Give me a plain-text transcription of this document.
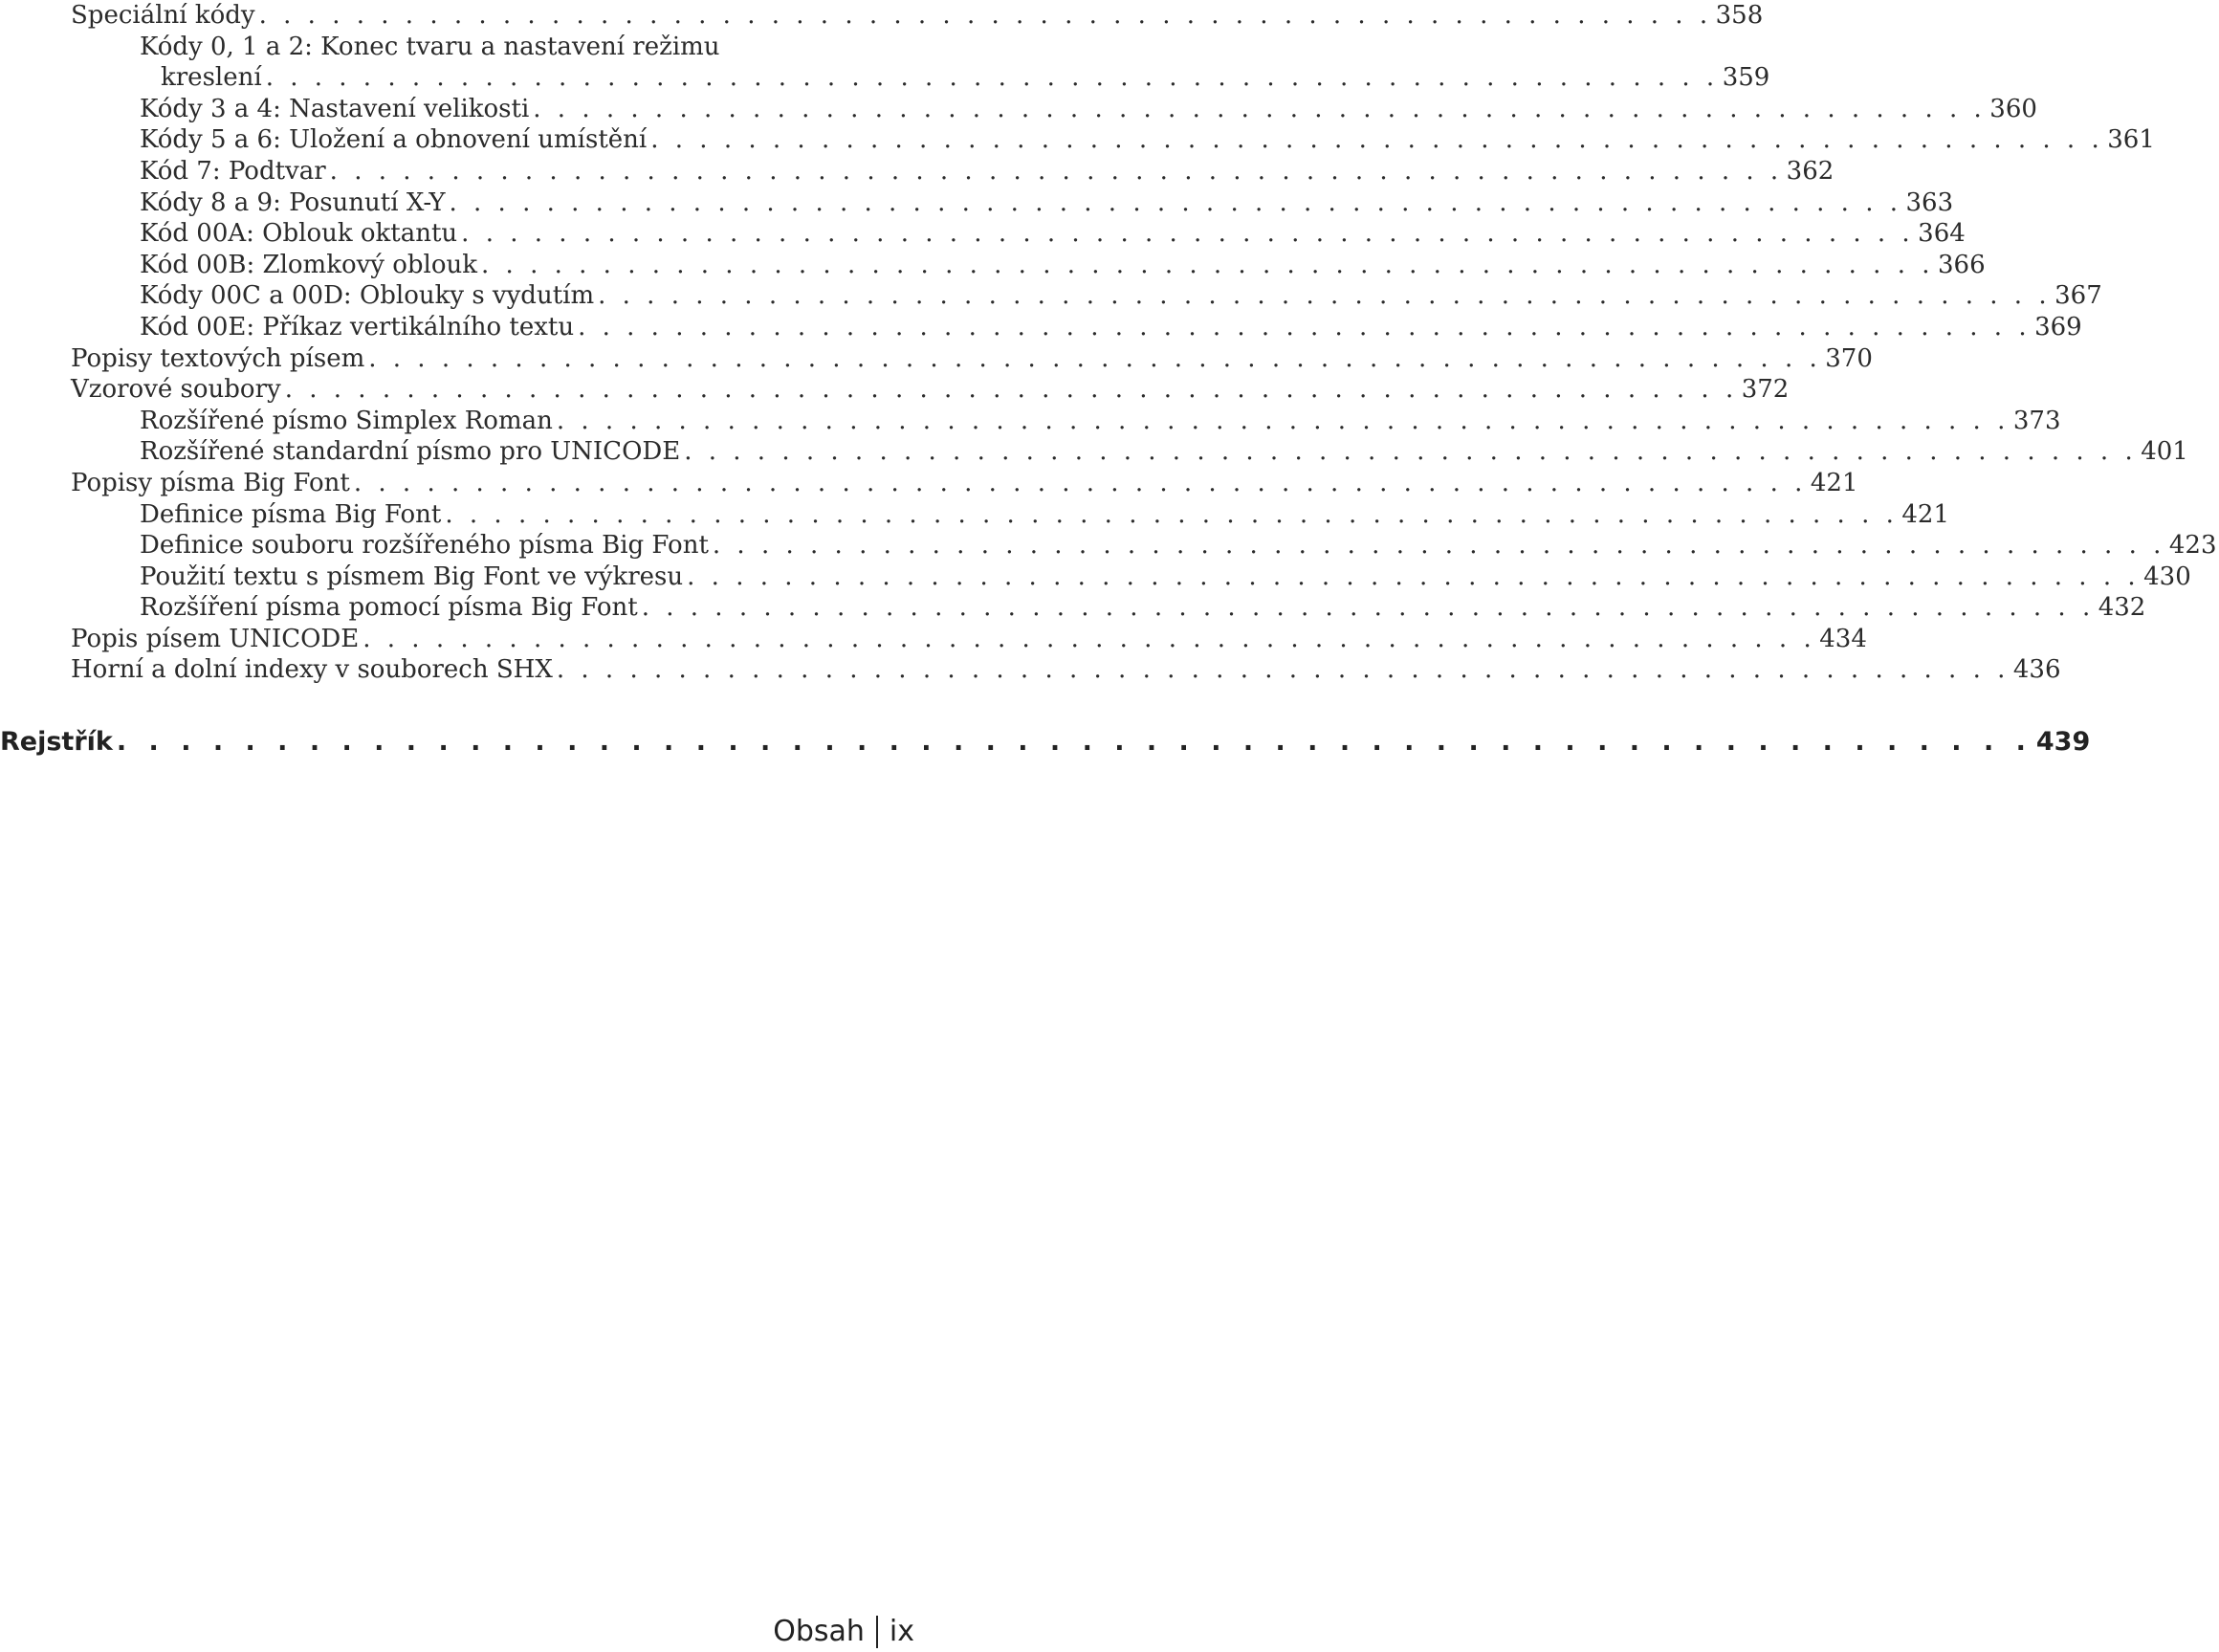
Speciální kódy . . . . . . . . . . . . . . . . . . . . . . . . . . . . . . . . . . . . . . . . . . . . . . . . . . . . . . . . . . . . 358
Kódy 0, 1 a 2: Konec tvaru a nastavení režimu
kreslení . . . . . . . . . . . . . . . . . . . . . . . . . . . . . . . . . . . . . . . . . . . . . . . . . . . . . . . . . . . . 359
Kódy 3 a 4: Nastavení velikosti . . . . . . . . . . . . . . . . . . . . . . . . . . . . . . . . . . . . . . . . . . . . . . . . . . . . . . . . . . . . 360
Kódy 5 a 6: Uložení a obnovení umístění . . . . . . . . . . . . . . . . . . . . . . . . . . . . . . . . . . . . . . . . . . . . . . . . . . . . . . . . . . . . 361
Kód 7: Podtvar . . . . . . . . . . . . . . . . . . . . . . . . . . . . . . . . . . . . . . . . . . . . . . . . . . . . . . . . . . . . 362
Kódy 8 a 9: Posunutí X-Y . . . . . . . . . . . . . . . . . . . . . . . . . . . . . . . . . . . . . . . . . . . . . . . . . . . . . . . . . . . . 363
Kód 00A: Oblouk oktantu . . . . . . . . . . . . . . . . . . . . . . . . . . . . . . . . . . . . . . . . . . . . . . . . . . . . . . . . . . . . 364
Kód 00B: Zlomkový oblouk . . . . . . . . . . . . . . . . . . . . . . . . . . . . . . . . . . . . . . . . . . . . . . . . . . . . . . . . . . . . 366
Kódy 00C a 00D: Oblouky s vydutím . . . . . . . . . . . . . . . . . . . . . . . . . . . . . . . . . . . . . . . . . . . . . . . . . . . . . . . . . . . . 367
Kód 00E: Příkaz vertikálního textu . . . . . . . . . . . . . . . . . . . . . . . . . . . . . . . . . . . . . . . . . . . . . . . . . . . . . . . . . . . . 369
Popisy textových písem . . . . . . . . . . . . . . . . . . . . . . . . . . . . . . . . . . . . . . . . . . . . . . . . . . . . . . . . . . . . 370
Vzorové soubory . . . . . . . . . . . . . . . . . . . . . . . . . . . . . . . . . . . . . . . . . . . . . . . . . . . . . . . . . . . . 372
Rozšířené písmo Simplex Roman . . . . . . . . . . . . . . . . . . . . . . . . . . . . . . . . . . . . . . . . . . . . . . . . . . . . . . . . . . . . 373
Rozšířené standardní písmo pro UNICODE . . . . . . . . . . . . . . . . . . . . . . . . . . . . . . . . . . . . . . . . . . . . . . . . . . . . . . . . . . . . 401
Popisy písma Big Font . . . . . . . . . . . . . . . . . . . . . . . . . . . . . . . . . . . . . . . . . . . . . . . . . . . . . . . . . . . . 421
Definice písma Big Font . . . . . . . . . . . . . . . . . . . . . . . . . . . . . . . . . . . . . . . . . . . . . . . . . . . . . . . . . . . . 421
Definice souboru rozšířeného písma Big Font . . . . . . . . . . . . . . . . . . . . . . . . . . . . . . . . . . . . . . . . . . . . . . . . . . . . . . . . . . . . 423
Použití textu s písmem Big Font ve výkresu . . . . . . . . . . . . . . . . . . . . . . . . . . . . . . . . . . . . . . . . . . . . . . . . . . . . . . . . . . . . 430
Rozšíření písma pomocí písma Big Font . . . . . . . . . . . . . . . . . . . . . . . . . . . . . . . . . . . . . . . . . . . . . . . . . . . . . . . . . . . . 432
Popis písem UNICODE . . . . . . . . . . . . . . . . . . . . . . . . . . . . . . . . . . . . . . . . . . . . . . . . . . . . . . . . . . . . 434
Horní a dolní indexy v souborech SHX . . . . . . . . . . . . . . . . . . . . . . . . . . . . . . . . . . . . . . . . . . . . . . . . . . . . . . . . . . . . 436
Rejstřík . . . . . . . . . . . . . . . . . . . . . . . . . . . . . . . . . . . . . . . . . . . . . . . . . . . . . . . . . . . . 439
Obsah ix
